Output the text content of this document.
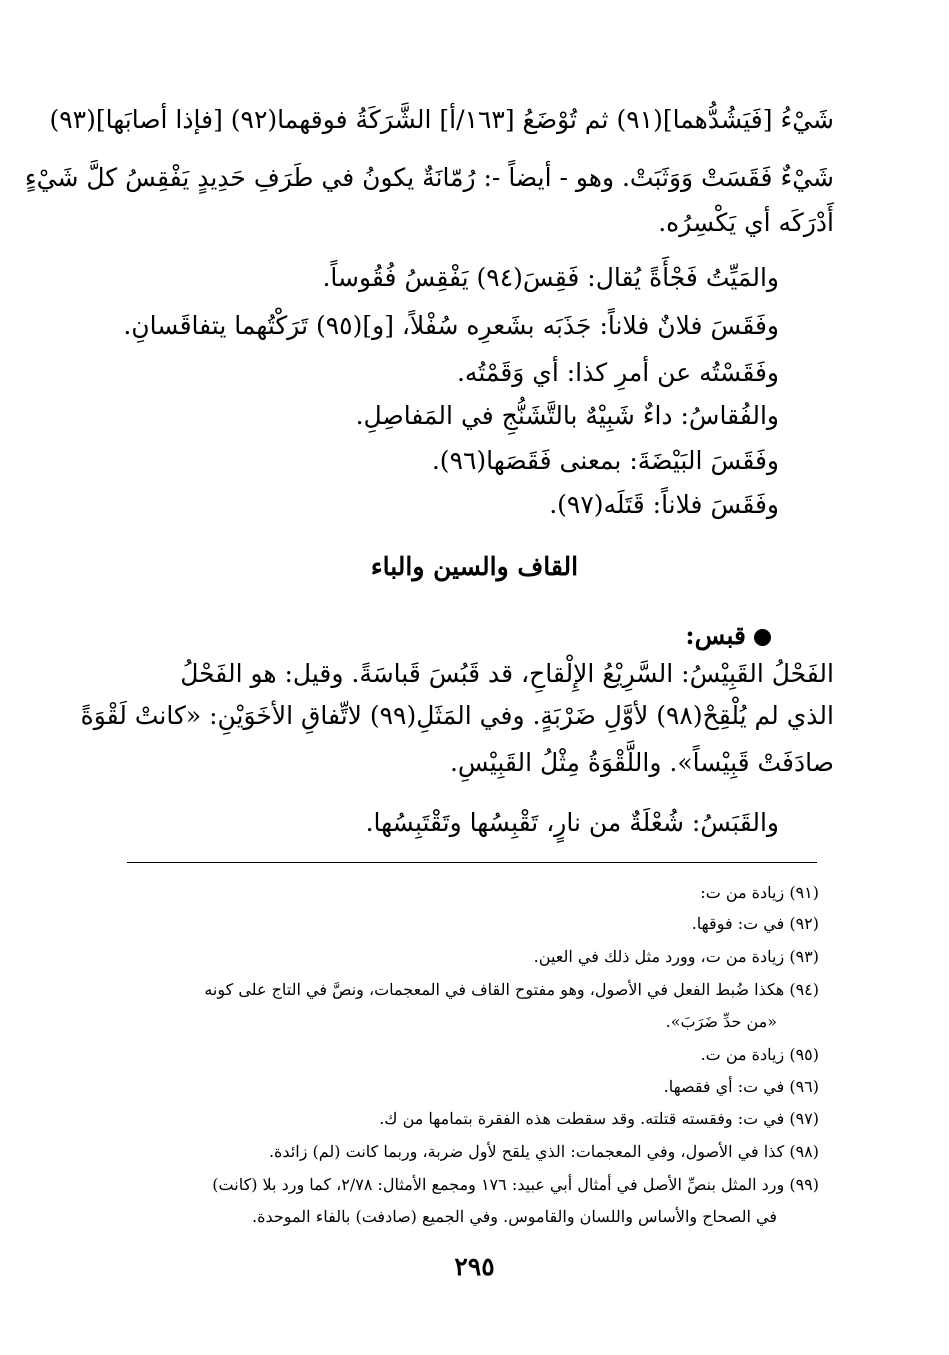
شَيْءُ [فَيَشُدُّهما](٩١) ثم تُوْضَعُ [١٦٣/أ] الشَّرَكَةُ فوقهما(٩٢) [فإذا أصابَها](٩٣)
شَيْءٌ فَقَسَتْ وَوَثَبَتْ. وهو - أيضاً -: رُمّانَةٌ يكونُ في طَرَفِ حَدِيدٍ يَفْقِسُ كلَّ شَيْءٍ
أَدْرَكَه أي يَكْسِرُه.
والمَيِّتُ فَجْأَةً يُقال: فَقِسَ(٩٤) يَفْقِسُ فُقُوساً.
وفَقَسَ فلانٌ فلاناً: جَذَبَه بشَعرِه سُفْلاً، [و](٩٥) تَرَكْتُهما يتفاقَسانِ.
وفَقَسْتُه عن أمرِ كذا: أي وَقَمْتُه.
والفُقاسُ: داءٌ شَبِيْهٌ بالتَّشَنُّجِ في المَفاصِلِ.
وفَقَسَ البَيْضَةَ: بمعنى فَقَصَها(٩٦).
وفَقَسَ فلاناً: قَتَلَه(٩٧).
القاف والسين والباء
قبس:
الفَحْلُ القَبِيْسُ: السَّرِيْعُ الإِلْقاحِ، قد قَبُسَ قَباسَةً. وقيل: هو الفَحْلُ
الذي لم يُلْقِحْ(٩٨) لأوَّلِ ضَرْبَةٍ. وفي المَثَلِ(٩٩) لاتِّفاقِ الأخَوَيْنِ: «كانتْ لَقْوَةً
صادَفَتْ قَبِيْساً». واللَّقْوَةُ مِثْلُ القَبِيْسِ.
والقَبَسُ: شُعْلَةٌ من نارٍ، تَقْبِسُها وتَقْتَبِسُها.
(٩١) زيادة من ت:
(٩٢) في ت: فوقها.
(٩٣) زيادة من ت، وورد مثل ذلك في العين.
(٩٤) هكذا ضُبط الفعل في الأصول، وهو مفتوح القاف في المعجمات، ونصَّ في التاج على كونه
«من حدِّ ضَرَبَ».
(٩٥) زيادة من ت.
(٩٦) في ت: أي فقصها.
(٩٧) في ت: وفقسته قتلته. وقد سقطت هذه الفقرة بتمامها من ك.
(٩٨) كذا في الأصول، وفي المعجمات: الذي يلقح لأول ضربة، وربما كانت (لم) زائدة.
(٩٩) ورد المثل بنصِّ الأصل في أمثال أبي عبيد: ١٧٦ ومجمع الأمثال: ٢/٧٨، كما ورد بلا (كانت)
في الصحاح والأساس واللسان والقاموس. وفي الجميع (صادفت) بالفاء الموحدة.
٢٩٥
